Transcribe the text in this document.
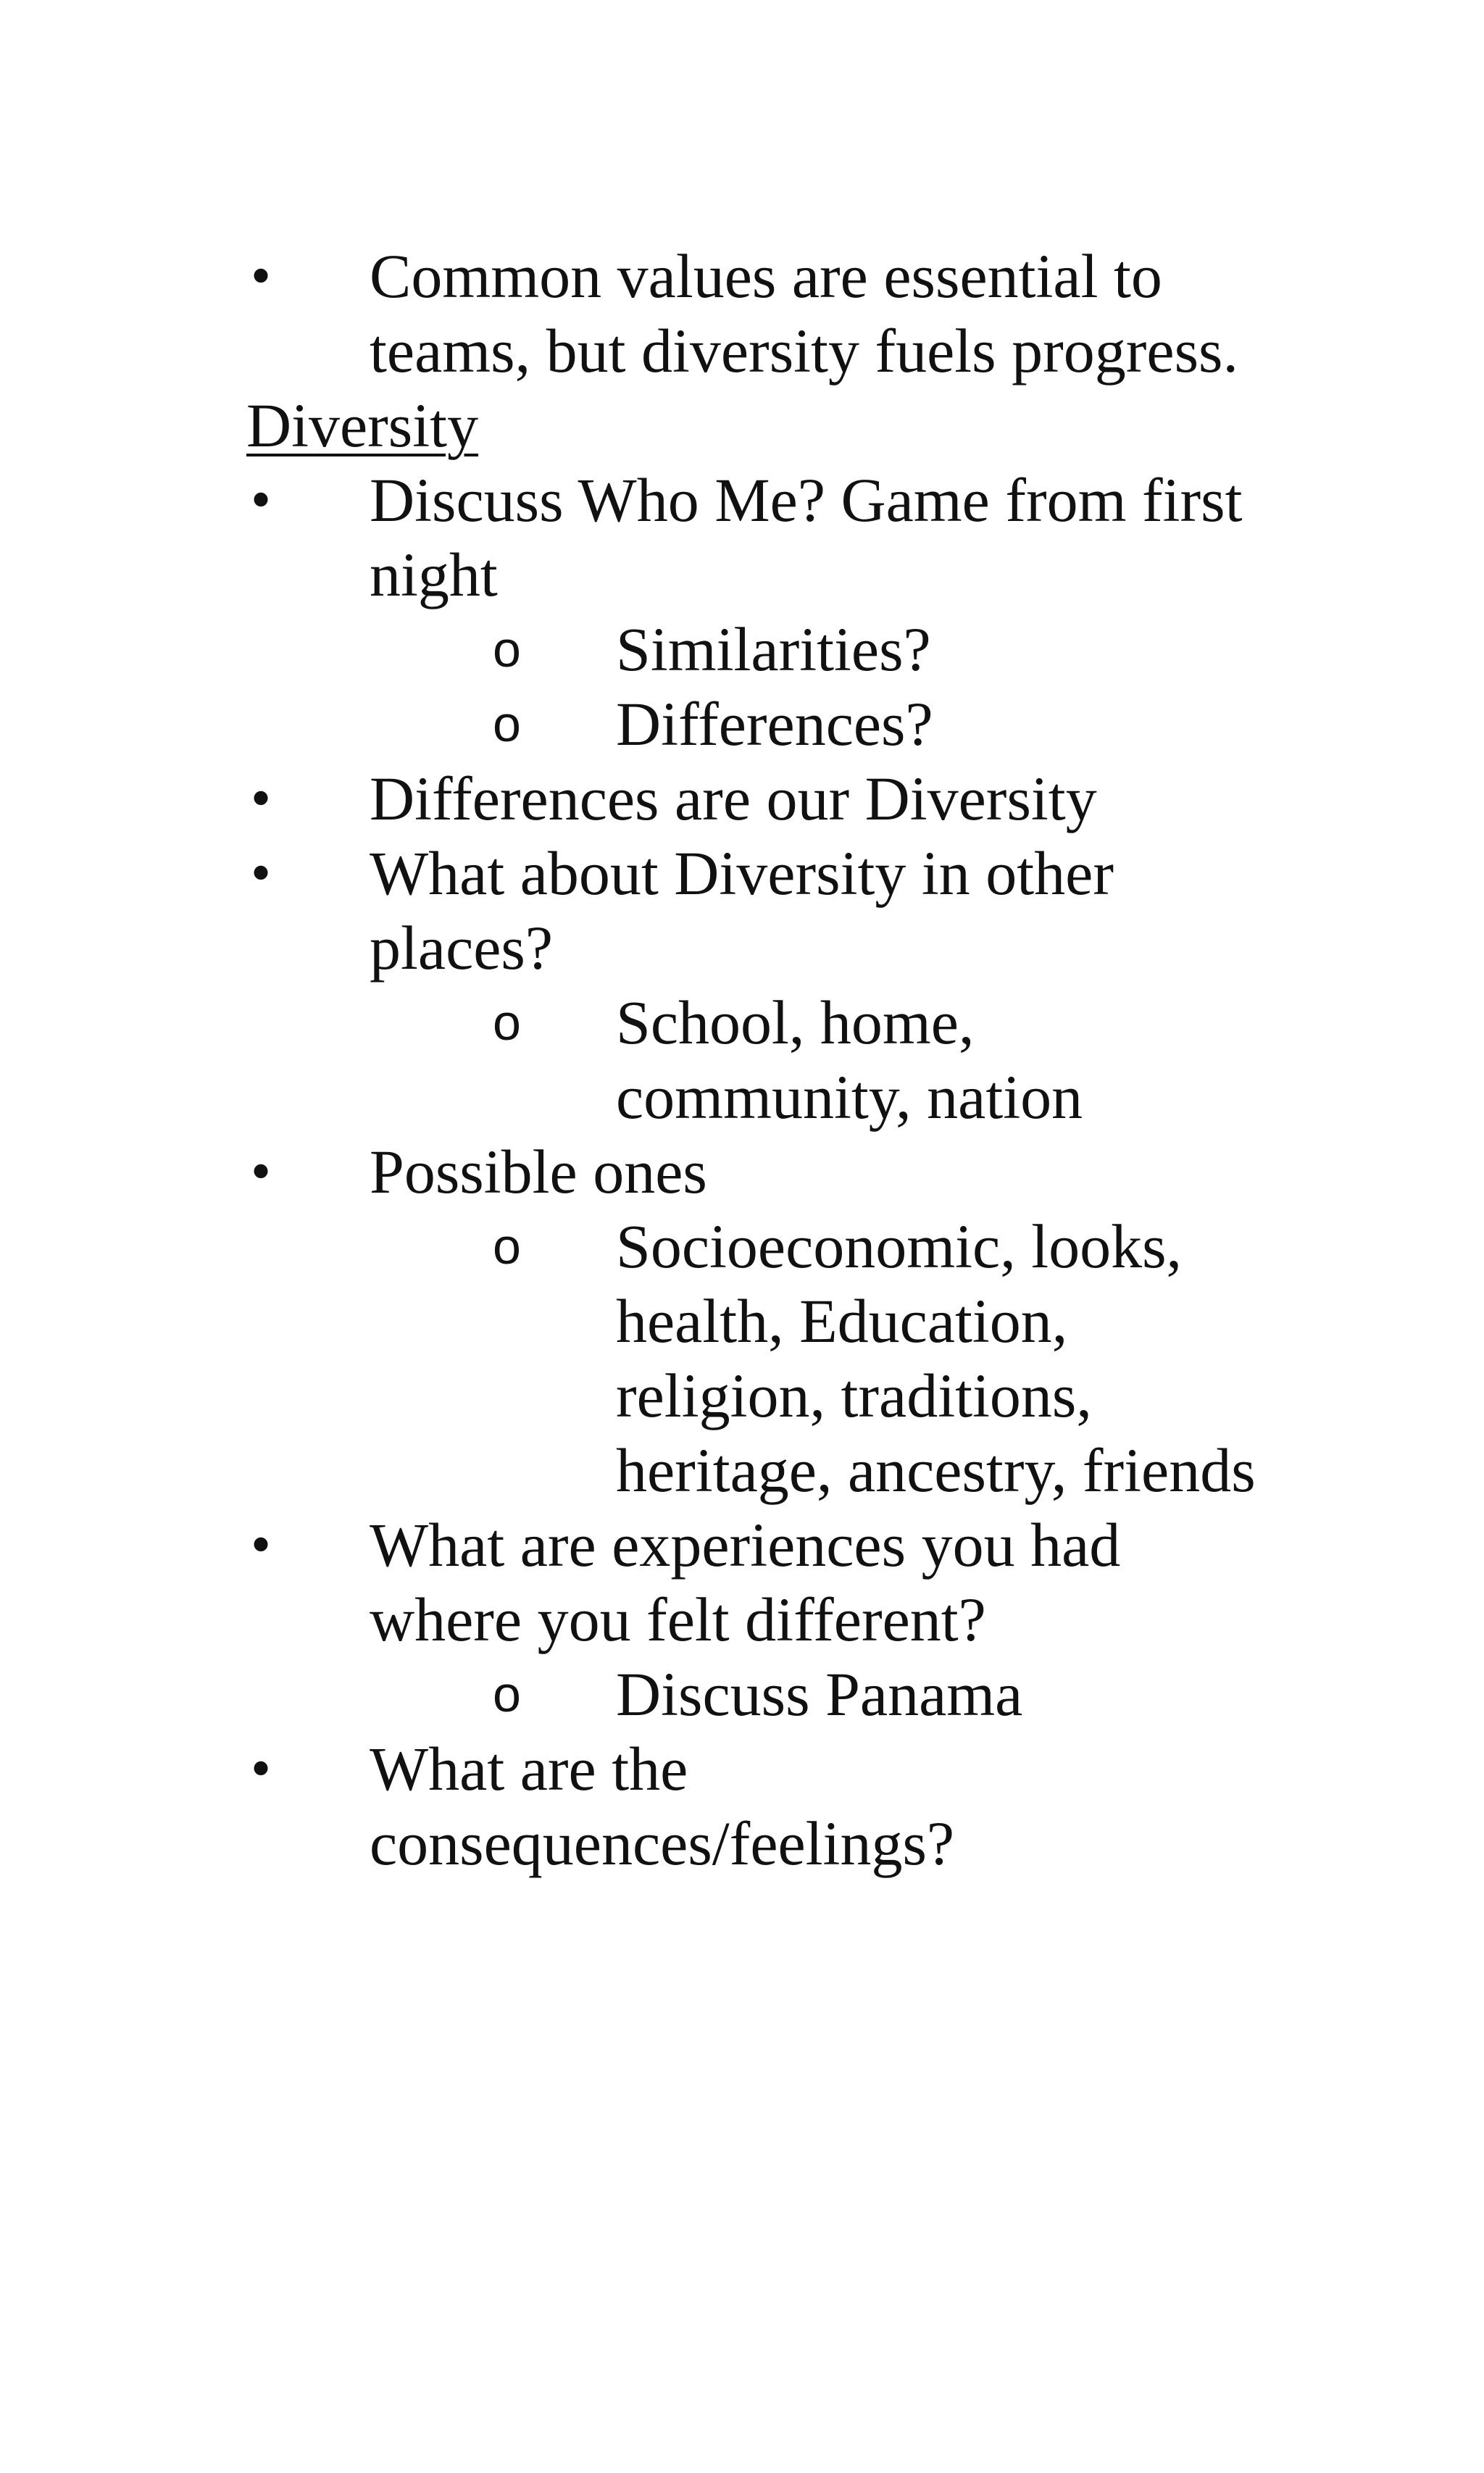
• Common values are essential to teams, but diversity fuels progress.
Diversity
• Discuss Who Me? Game from first night
o Similarities?
o Differences?
• Differences are our Diversity
• What about Diversity in other places?
o School, home, community, nation
• Possible ones
o Socioeconomic, looks, health, Education, religion, traditions, heritage, ancestry, friends
• What are experiences you had where you felt different?
o Discuss Panama
• What are the consequences/feelings?
